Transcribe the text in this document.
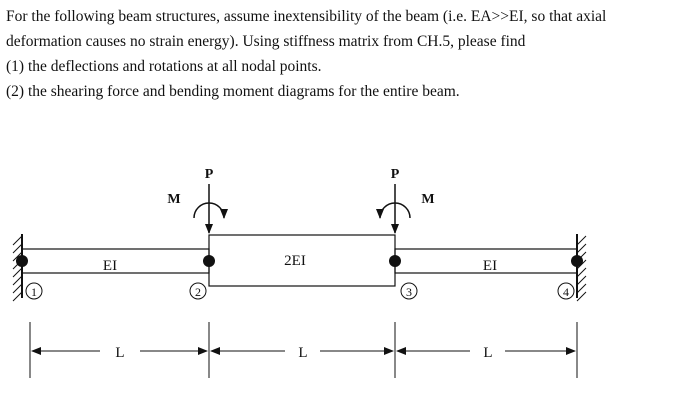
For the following beam structures, assume inextensibility of the beam (i.e. EA>>EI, so that axial
deformation causes no strain energy). Using stiffness matrix from CH.5, please find
(1) the deflections and rotations at all nodal points.
(2) the shearing force and bending moment diagrams for the entire beam.
EI	2EI	EI
1	2	3	4
P	P
M	M
L	L	L
